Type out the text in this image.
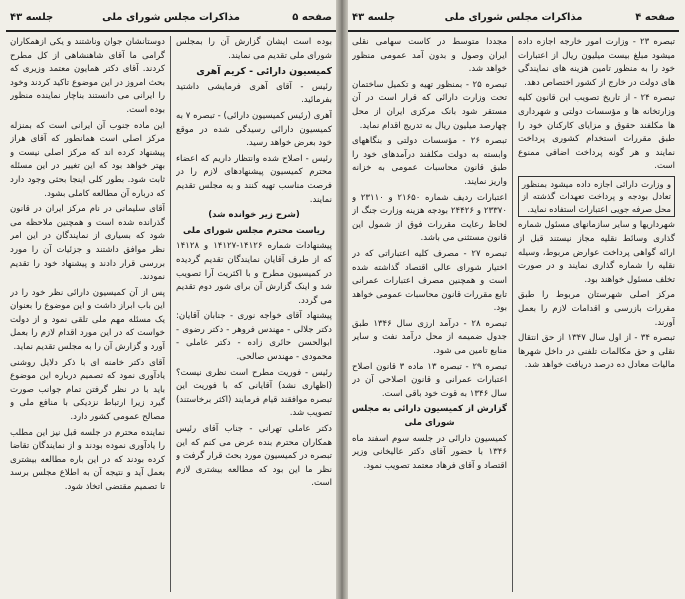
صفحه ۵
مذاکرات مجلس شورای ملی
جلسه ۴۳

بوده است ایشان گزارش آن را بمجلس شورای ملی تقدیم می نمایند.

کمیسیون دارائی - کریم آهری

رئیس - آقای آهری فرمایشی داشتید بفرمائید.

آهری (رئیس کمیسیون دارائی) - تبصره ۷ به کمیسیون دارائی رسیدگی شده در موقع خود بعرض خواهد رسید.

رئیس - اصلاح شده وانتظار داریم که اعضاء محترم کمیسیون پیشنهادهای لازم را در فرصت مناسب تهیه کنند و به مجلس تقدیم نمایند.

(شرح زیر خوانده شد)

ریاست محترم مجلس شورای ملی

پیشنهادات شماره ۱۴۱۲۶-۱۴۱۲۷ و ۱۴۱۲۸ که از طرف آقایان نمایندگان تقدیم گردیده در کمیسیون مطرح و با اکثریت آرا تصویب شد و اینک گزارش آن برای شور دوم تقدیم می گردد.

پیشنهاد آقای خواجه نوری - جنابان آقایان: دکتر جلالی - مهندس فروهر - دکتر رضوی - ابوالحسن حائری زاده - دکتر عاملی - محمودی - مهندس صالحی.

رئیس - فوریت مطرح است نظری نیست؟ (اظهاری نشد) آقایانی که با فوریت این تبصره موافقند قیام فرمایند (اکثر برخاستند) تصویب شد.

دکتر عاملی تهرانی - جناب آقای رئیس همکاران محترم بنده عرض می کنم که این تبصره در کمیسیون مورد بحث قرار گرفت و نظر ما این بود که مطالعه بیشتری لازم است.

دوستانشان جوان وناشتند و یکی ازهمکاران گرامی ما آقای شاهنشاهی از کل مطرح کردند. آقای دکتر همایون معتمد وزیری که بحث امروز در این موضوع تاکید کردند وخود را ایرانی می دانستند بناچار نماینده منظور بوده است.

این ماده جنوب آن ایرانی است که بمنزله مرکز اصلی است همانطور که آقای هراز پیشنهاد کرده اند که مرکز اصلی نیست و بهتر خواهد بود که این تغییر در این مسئله ثابت شود. بطور کلی اینجا بحثی وجود دارد که درباره آن مطالعه کاملی بشود.

آقای سلیمانی در نام مرکز ایران در قانون گذرانده شده است و همچنین ملاحظه می شود که بسیاری از نمایندگان در این امر نظر موافق داشتند و جزئیات آن را مورد بررسی قرار دادند و پیشنهاد خود را تقدیم نمودند.

پس از آن کمیسیون دارائی نظر خود را در این باب ابراز داشت و این موضوع را بعنوان یک مسئله مهم ملی تلقی نمود و از دولت خواست که در این مورد اقدام لازم را بعمل آورد و گزارش آن را به مجلس تقدیم نماید.

آقای دکتر خامنه ای با ذکر دلایل روشنی یادآوری نمود که تصمیم درباره این موضوع باید با در نظر گرفتن تمام جوانب صورت گیرد زیرا ارتباط نزدیکی با منافع ملی و مصالح عمومی کشور دارد.

نماینده محترم در جلسه قبل نیز این مطلب را یادآوری نموده بودند و از نمایندگان تقاضا کرده بودند که در این باره مطالعه بیشتری بعمل آید و نتیجه آن به اطلاع مجلس برسد تا تصمیم مقتضی اتخاذ شود.

صفحه ۴
مذاکرات مجلس شورای ملی
جلسه ۴۳

تبصره ۲۳ - وزارت امور خارجه اجازه داده میشود مبلغ بیست میلیون ریال از اعتبارات خود را به منظور تامین هزینه های نمایندگی های دولت در خارج از کشور اختصاص دهد.

تبصره ۲۴ - از تاریخ تصویب این قانون کلیه وزارتخانه ها و مؤسسات دولتی و شهرداری ها مکلفند حقوق و مزایای کارکنان خود را طبق مقررات استخدام کشوری پرداخت نمایند و هر گونه پرداخت اضافی ممنوع است.

و وزارت دارائی اجازه داده میشود بمنظور تعادل بودجه و پرداخت تعهدات گذشته از محل صرفه جویی اعتبارات استفاده نماید.

شهرداریها و سایر سازمانهای مسئول شماره گذاری وسائط نقلیه مجاز نیستند قبل از ارائه گواهی پرداخت عوارض مربوط، وسیله نقلیه را شماره گذاری نمایند و در صورت تخلف مسئول خواهند بود.

مرکز اصلی شهرستان مربوط را طبق مقررات بازرسی و اقدامات لازم را بعمل آورند.

تبصره ۳۴ - از اول سال ۱۳۴۷ از حق انتقال نقلی و حق مکالمات تلفنی در داخل شهرها مالیات معادل ده درصد دریافت خواهد شد.

مجددا متوسط در کاست سهامی نقلی ایران وصول و بدون آمد عمومی منظور خواهد شد.

تبصره ۲۵ - بمنظور تهیه و تکمیل ساختمان تحت وزارت دارائی که قرار است در آن مستقر شود بانک مرکزی ایران از محل چهارصد میلیون ریال به تدریج اقدام نماید.

تبصره ۲۶ - مؤسسات دولتی و بنگاههای وابسته به دولت مکلفند درآمدهای خود را طبق قانون محاسبات عمومی به خزانه واریز نمایند.

اعتبارات ردیف شماره ۲۱۶۵۰ و ۲۳۱۱۰ و ۲۳۳۷۰ و ۲۴۴۲۶ بودجه هزینه وزارت جنگ از لحاظ رعایت مقررات فوق از شمول این قانون مستثنی می باشد.

تبصره ۲۷ - مصرف کلیه اعتباراتی که در اختیار شورای عالی اقتصاد گذاشته شده است و همچنین مصرف اعتبارات عمرانی تابع مقررات قانون محاسبات عمومی خواهد بود.

تبصره ۲۸ - درآمد ارزی سال ۱۳۴۶ طبق جدول ضمیمه از محل درآمد نفت و سایر منابع تامین می شود.

تبصره ۲۹ - تبصره ۱۳ ماده ۳ قانون اصلاح اعتبارات عمرانی و قانون اصلاحی آن در سال ۱۳۴۶ به قوت خود باقی است.

گزارش از کمیسیون دارائی به مجلس شورای ملی

کمیسیون دارائی در جلسه سوم اسفند ماه ۱۳۴۶ با حضور آقای دکتر عالیخانی وزیر اقتصاد و آقای فرهاد معتمد تصویب نمود.
